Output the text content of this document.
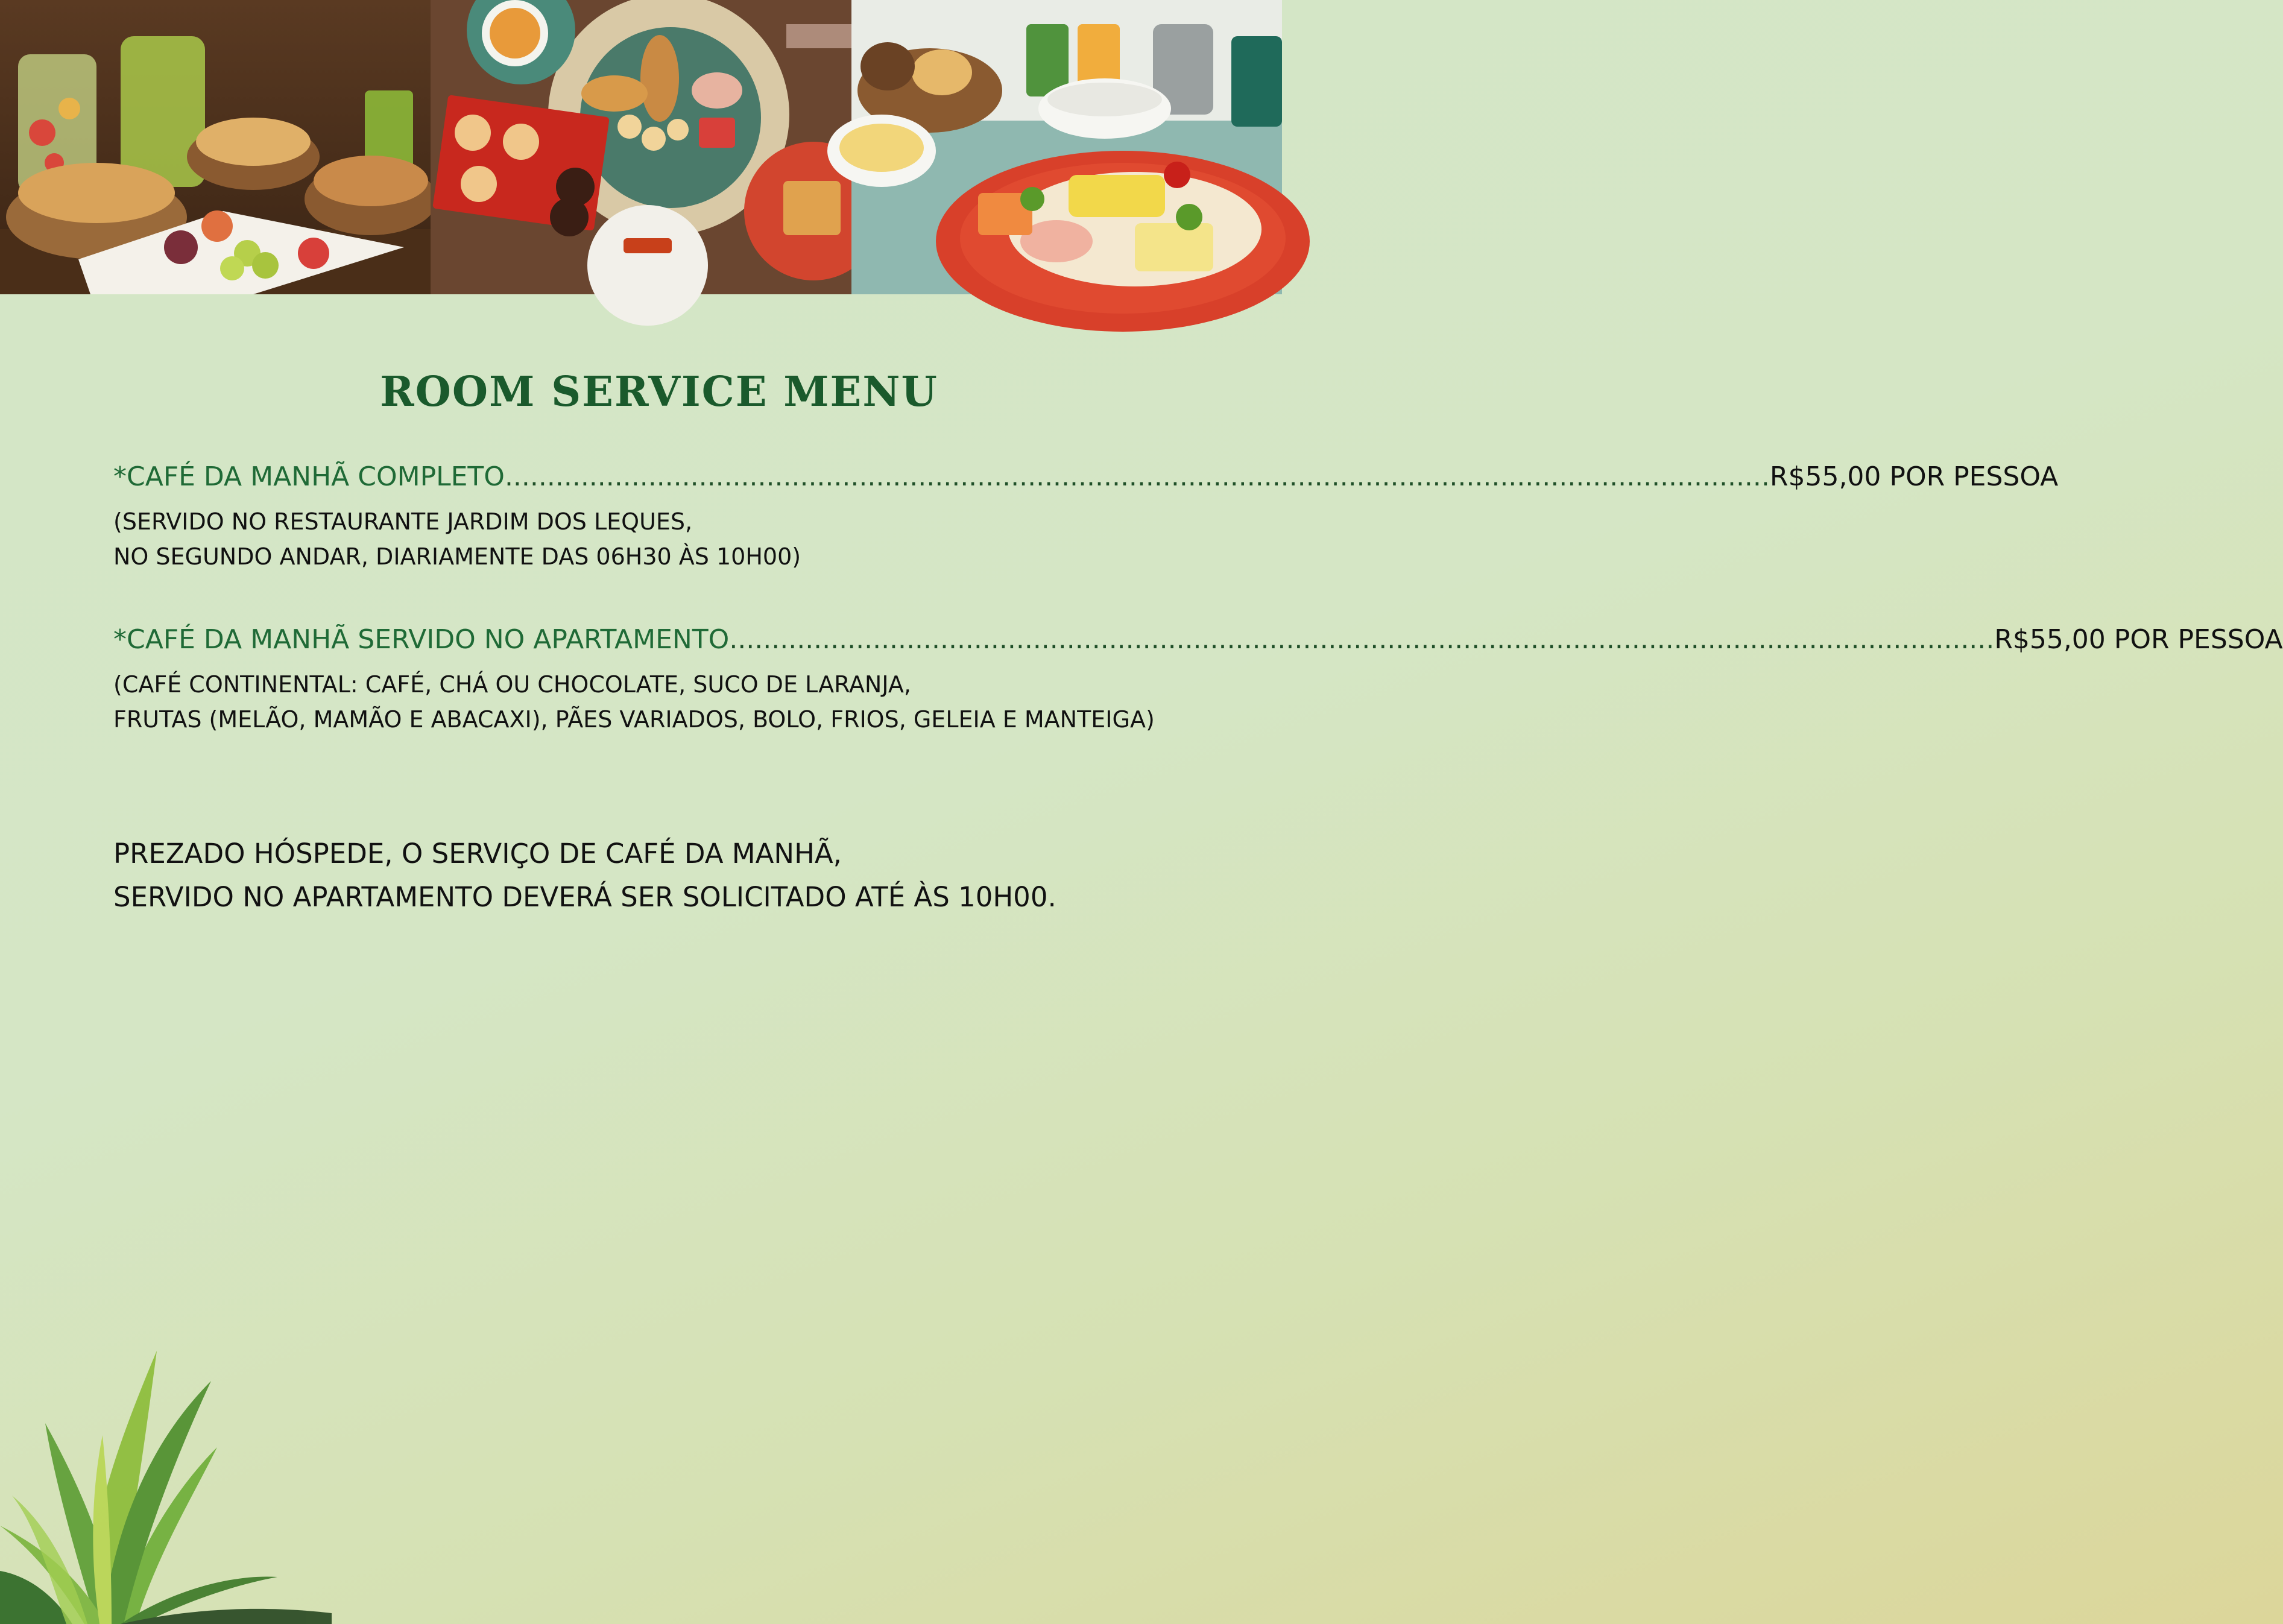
ROOM SERVICE MENU
*CAFÉ DA MANHÃ COMPLETO ...................................................................................................................................................... R$55,00 POR PESSOA
(SERVIDO NO RESTAURANTE JARDIM DOS LEQUES,
NO SEGUNDO ANDAR, DIARIAMENTE DAS 06H30 ÀS 10H00)
*CAFÉ DA MANHÃ SERVIDO NO APARTAMENTO ...................................................................................................................................................... R$55,00 POR PESSOA
(CAFÉ CONTINENTAL: CAFÉ, CHÁ OU CHOCOLATE, SUCO DE LARANJA,
FRUTAS (MELÃO, MAMÃO E ABACAXI), PÃES VARIADOS, BOLO, FRIOS, GELEIA E MANTEIGA)
PREZADO HÓSPEDE, O SERVIÇO DE CAFÉ DA MANHÃ,
SERVIDO NO APARTAMENTO DEVERÁ SER SOLICITADO ATÉ ÀS 10H00.
